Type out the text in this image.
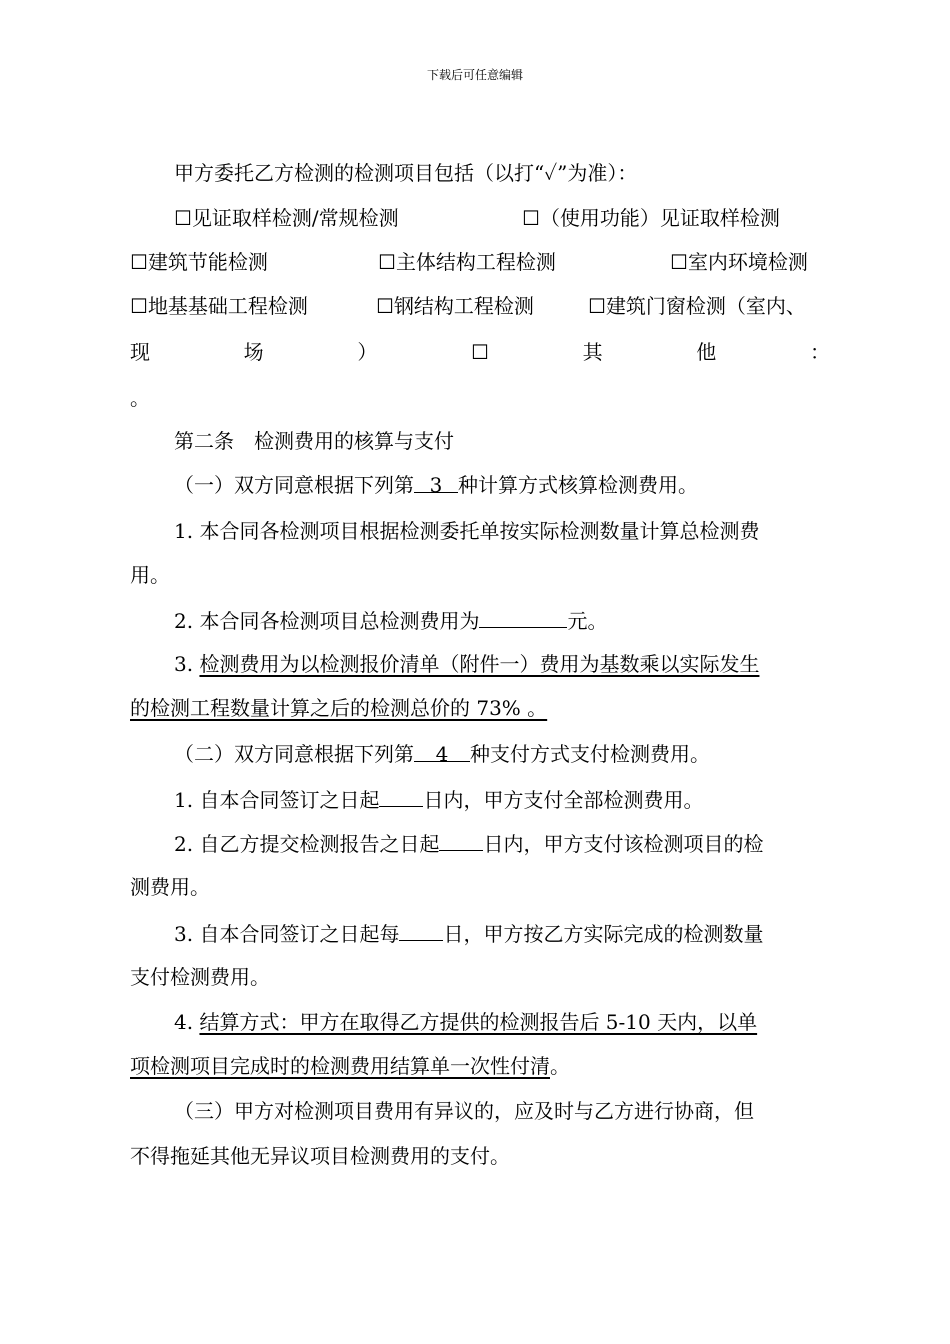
下载后可任意编辑
甲方委托乙方检测的检测项目包括（以打“✓”为准）：
☐见证取样检测/常规检测	☐（使用功能）见证取样检测
☐建筑节能检测	☐主体结构工程检测	☐室内环境检测
☐地基基础工程检测	☐钢结构工程检测	☐建筑门窗检测（室内、
现	场	）	☐	其	他	：
。
第二条　检测费用的核算与支付
（一）双方同意根据下列第 3 种计算方式核算检测费用。
1. 本合同各检测项目根据检测委托单按实际检测数量计算总检测费
用。
2. 本合同各检测项目总检测费用为	元。
3. 检测费用为以检测报价清单（附件一）费用为基数乘以实际发生
的检测工程数量计算之后的检测总价的 73% 。
（二）双方同意根据下列第 4 种支付方式支付检测费用。
1. 自本合同签订之日起 日内，甲方支付全部检测费用。
2. 自乙方提交检测报告之日起 日内，甲方支付该检测项目的检
测费用。
3. 自本合同签订之日起每 日，甲方按乙方实际完成的检测数量
支付检测费用。
4. 结算方式：甲方在取得乙方提供的检测报告后 5-10 天内，以单
项检测项目完成时的检测费用结算单一次性付清。
（三）甲方对检测项目费用有异议的，应及时与乙方进行协商，但
不得拖延其他无异议项目检测费用的支付。
